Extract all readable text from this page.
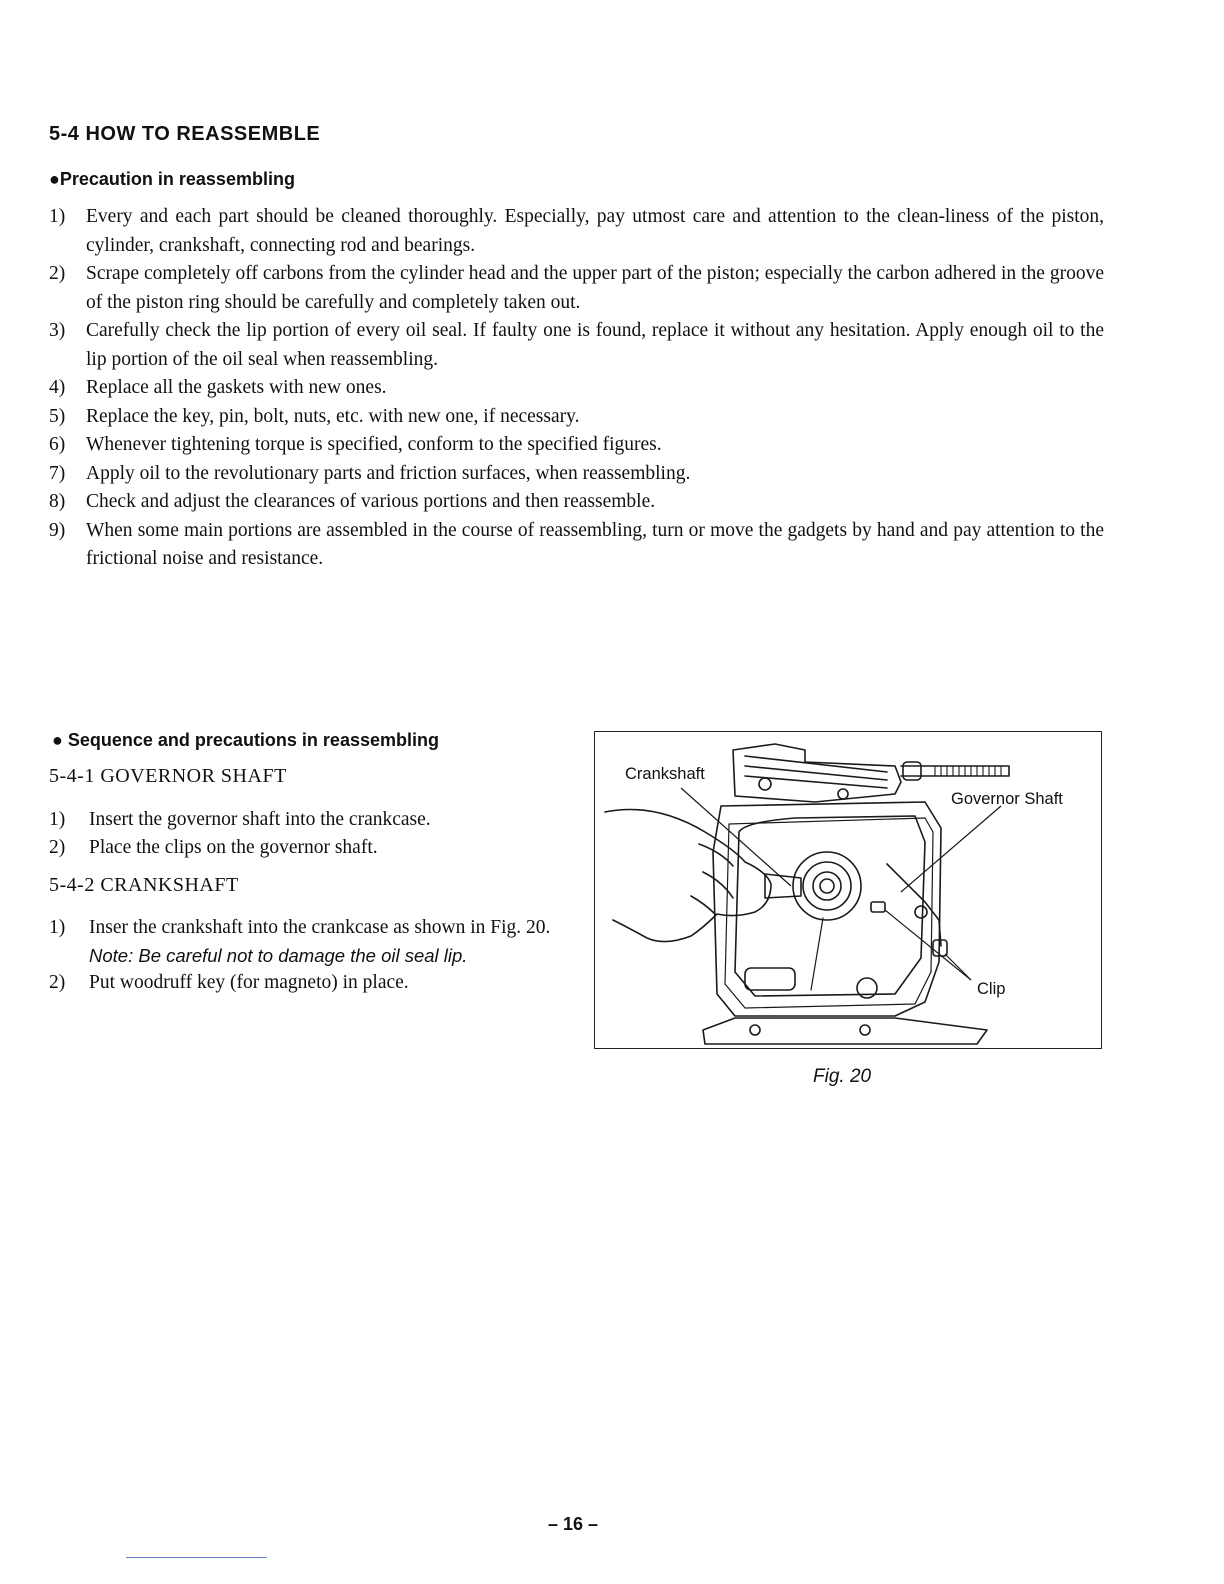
5-4 HOW TO REASSEMBLE
●Precaution in reassembling
1) Every and each part should be cleaned thoroughly. Especially, pay utmost care and attention to the clean-liness of the piston, cylinder, crankshaft, connecting rod and bearings.
2) Scrape completely off carbons from the cylinder head and the upper part of the piston; especially the carbon adhered in the groove of the piston ring should be carefully and completely taken out.
3) Carefully check the lip portion of every oil seal. If faulty one is found, replace it without any hesitation. Apply enough oil to the lip portion of the oil seal when reassembling.
4) Replace all the gaskets with new ones.
5) Replace the key, pin, bolt, nuts, etc. with new one, if necessary.
6) Whenever tightening torque is specified, conform to the specified figures.
7) Apply oil to the revolutionary parts and friction surfaces, when reassembling.
8) Check and adjust the clearances of various portions and then reassemble.
9) When some main portions are assembled in the course of reassembling, turn or move the gadgets by hand and pay attention to the frictional noise and resistance.
● Sequence and precautions in reassembling
5-4-1 GOVERNOR SHAFT
1) Insert the governor shaft into the crankcase.
2) Place the clips on the governor shaft.
5-4-2 CRANKSHAFT
1) Inser the crankshaft into the crankcase as shown in Fig. 20.
Note: Be careful not to damage the oil seal lip.
2) Put woodruff key (for magneto) in place.
Crankshaft
Governor Shaft
Clip
Fig. 20
– 16 –
